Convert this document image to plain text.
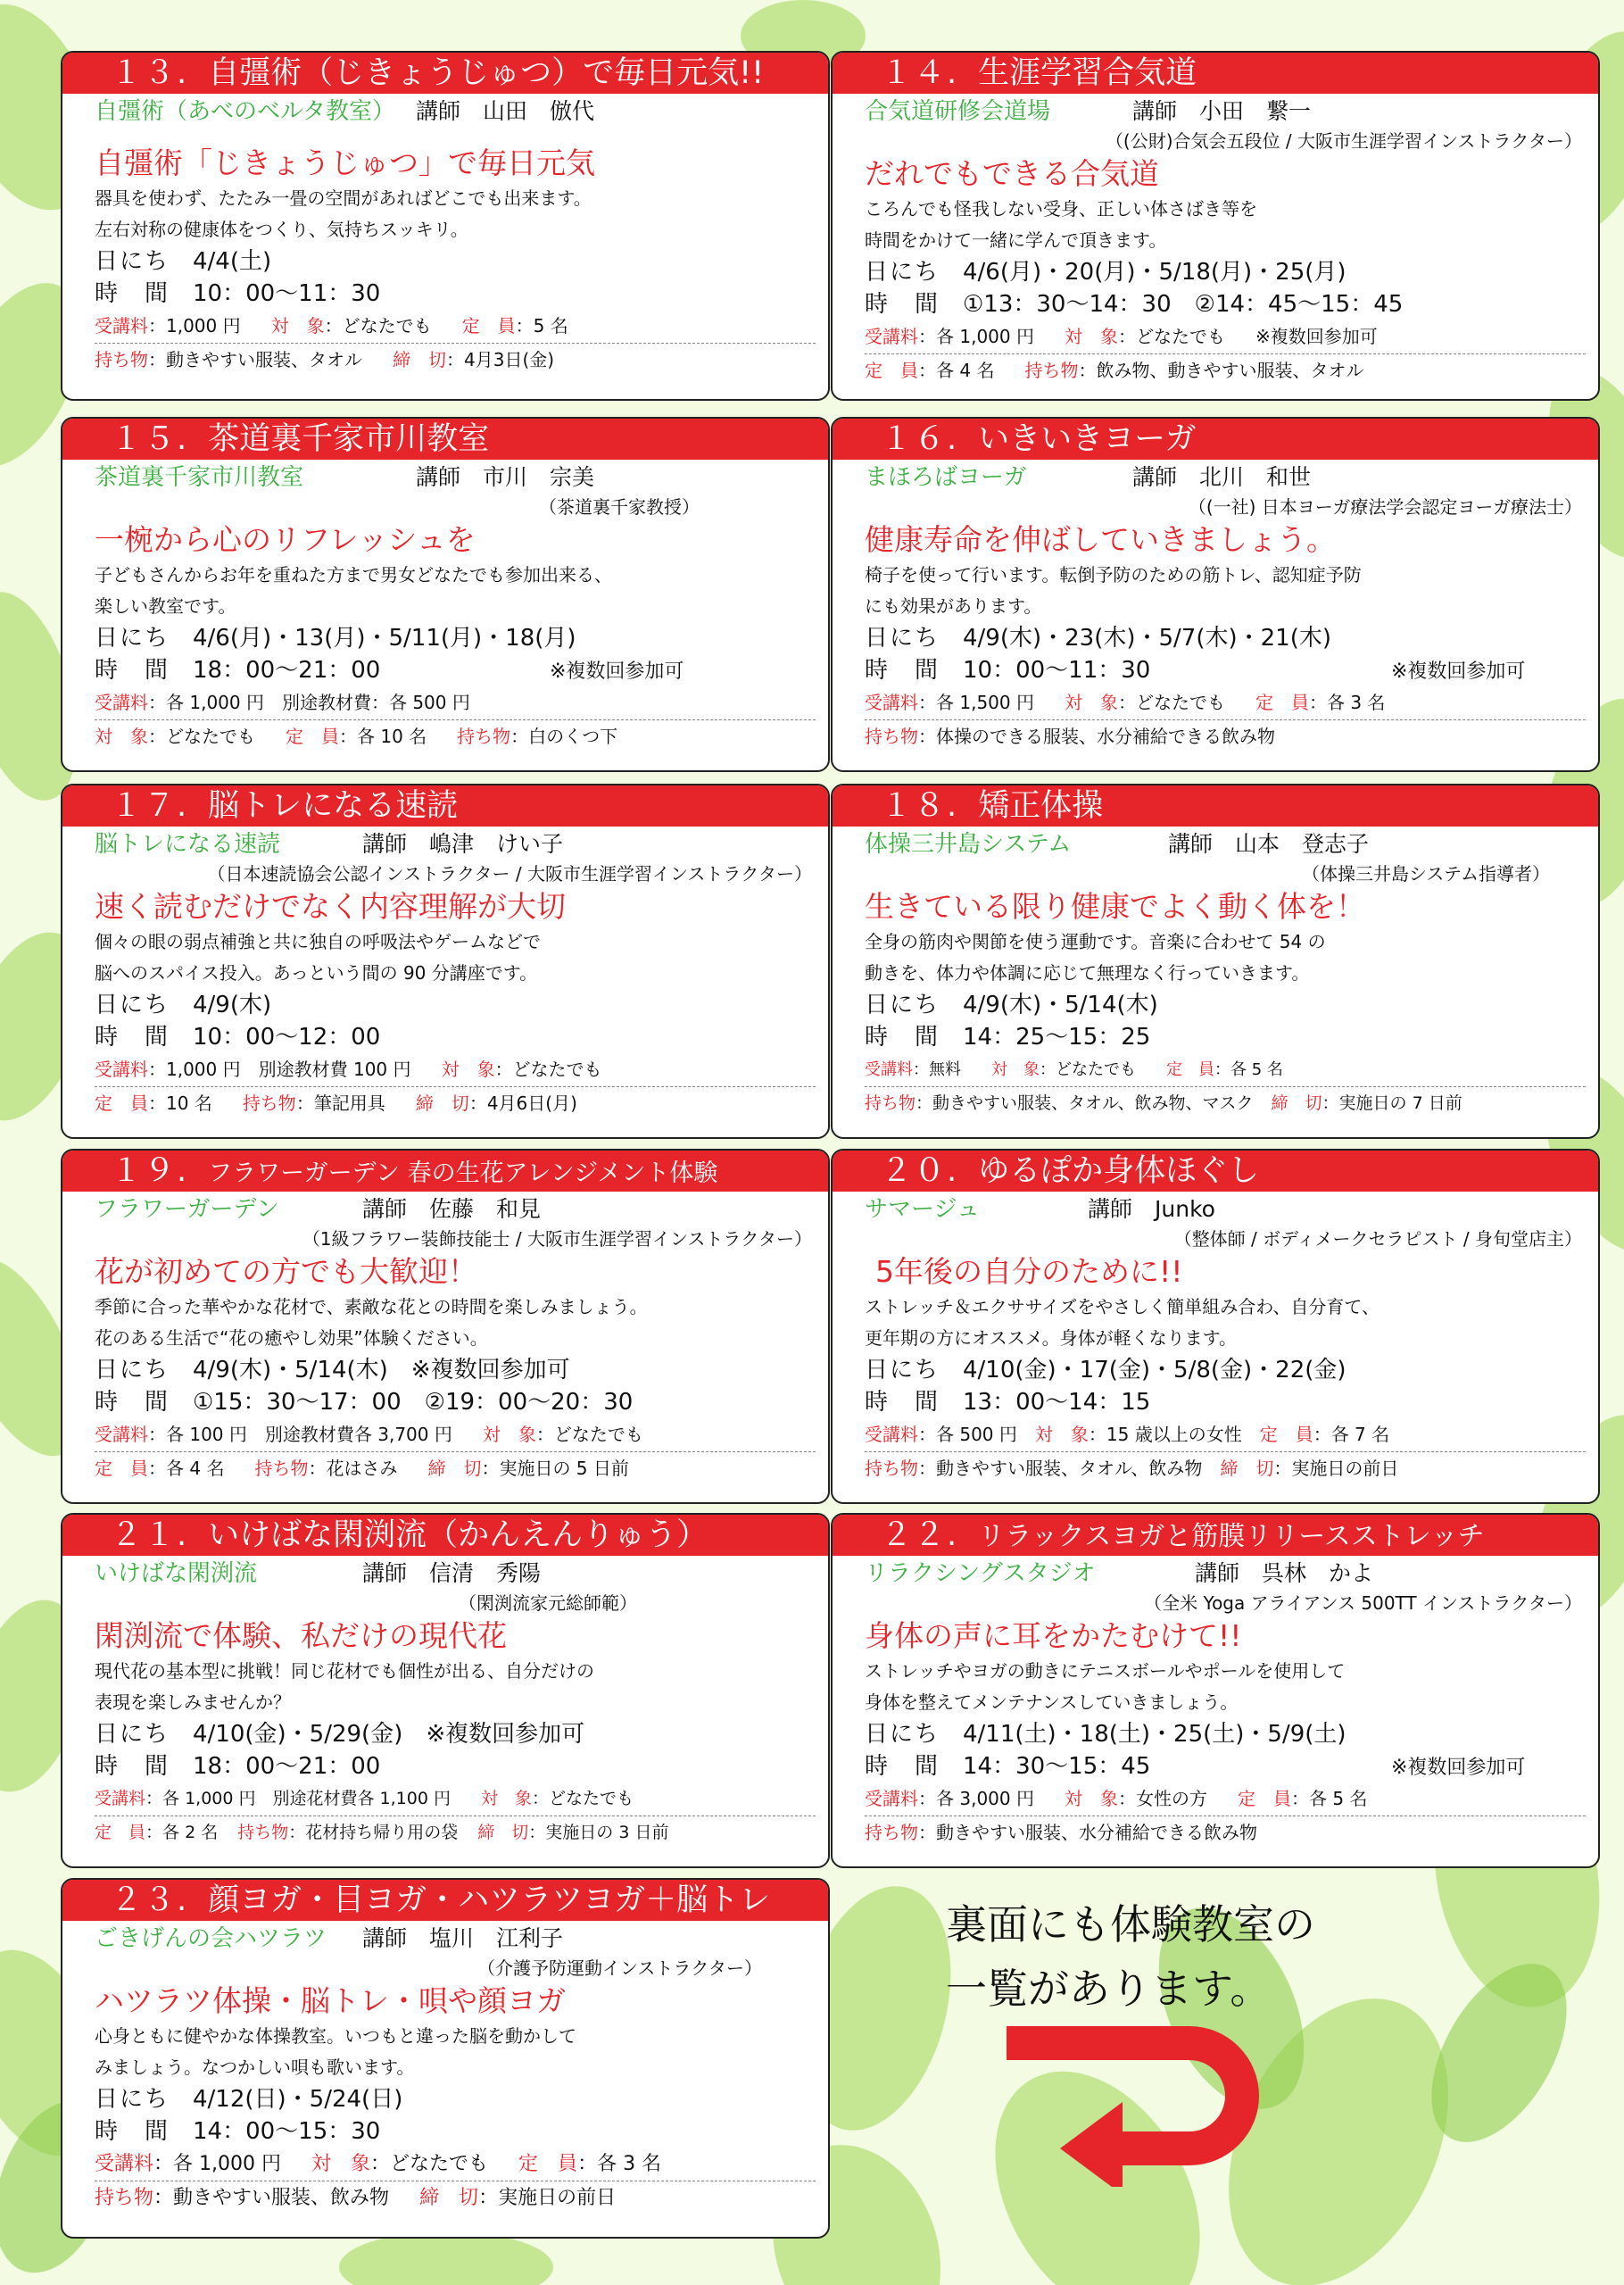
１３. 自彊術（じきょうじゅつ）で毎日元気!!
自彊術（あべのベルタ教室） 講師　山田　倣代
自彊術「じきょうじゅつ」で毎日元気
器具を使わず、たたみ一畳の空間があればどこでも出来ます。
左右対称の健康体をつくり、気持ちスッキリ。
日にち 4/4(土)
時　間 10：00～11：30
受講料：1,000 円 対　象：どなたでも 定　員：5 名
持ち物：動きやすい服装、タオル 締　切：4月3日(金)
１４. 生涯学習合気道
合気道研修会道場	講師　小田　繋一
（(公財)合気会五段位 / 大阪市生涯学習インストラクター）
だれでもできる合気道
ころんでも怪我しない受身、正しい体さばき等を
時間をかけて一緒に学んで頂きます。
日にち 4/6(月)・20(月)・5/18(月)・25(月)
時　間 ①13：30～14：30　②14：45～15：45
受講料：各 1,000 円 対　象：どなたでも ※複数回参加可
定　員：各 4 名 持ち物：飲み物、動きやすい服装、タオル
１５. 茶道裏千家市川教室
茶道裏千家市川教室	講師　市川　宗美
（茶道裏千家教授）
一椀から心のリフレッシュを
子どもさんからお年を重ねた方まで男女どなたでも参加出来る、
楽しい教室です。
日にち 4/6(月)・13(月)・5/11(月)・18(月)
時　間 18：00～21：00	※複数回参加可
受講料：各 1,000 円　別途教材費：各 500 円
対　象：どなたでも 定　員：各 10 名 持ち物：白のくつ下
１６. いきいきヨーガ
まほろばヨーガ	講師　北川　和世
（(一社) 日本ヨーガ療法学会認定ヨーガ療法士）
健康寿命を伸ばしていきましょう。
椅子を使って行います。転倒予防のための筋トレ、認知症予防
にも効果があります。
日にち 4/9(木)・23(木)・5/7(木)・21(木)
時　間 10：00～11：30	※複数回参加可
受講料：各 1,500 円 対　象：どなたでも 定　員：各 3 名
持ち物：体操のできる服装、水分補給できる飲み物
１７. 脳トレになる速読
脳トレになる速読	講師　嶋津　けい子
（日本速読協会公認インストラクター / 大阪市生涯学習インストラクター）
速く読むだけでなく内容理解が大切
個々の眼の弱点補強と共に独自の呼吸法やゲームなどで
脳へのスパイス投入。あっという間の 90 分講座です。
日にち 4/9(木)
時　間 10：00～12：00
受講料：1,000 円　別途教材費 100 円 対　象：どなたでも
定　員：10 名 持ち物：筆記用具 締　切：4月6日(月)
１８. 矯正体操
体操三井島システム	講師　山本　登志子
（体操三井島システム指導者）
生きている限り健康でよく動く体を！
全身の筋肉や関節を使う運動です。音楽に合わせて 54 の
動きを、体力や体調に応じて無理なく行っていきます。
日にち 4/9(木)・5/14(木)
時　間 14：25～15：25
受講料：無料 対　象：どなたでも 定　員：各 5 名
持ち物：動きやすい服装、タオル、飲み物、マスク 締　切：実施日の 7 日前
１９. フラワーガーデン 春の生花アレンジメント体験
フラワーガーデン	講師　佐藤　和見
（1級フラワー装飾技能士 / 大阪市生涯学習インストラクター）
花が初めての方でも大歓迎！
季節に合った華やかな花材で、素敵な花との時間を楽しみましょう。
花のある生活で“花の癒やし効果”体験ください。
日にち 4/9(木)・5/14(木)　※複数回参加可
時　間 ①15：30～17：00　②19：00～20：30
受講料：各 100 円　別途教材費各 3,700 円 対　象：どなたでも
定　員：各 4 名 持ち物：花はさみ 締　切：実施日の 5 日前
２０. ゆるぽか身体ほぐし
サマージュ	講師　Junko
（整体師 / ボディメークセラピスト / 身旬堂店主）
5年後の自分のために!!
ストレッチ＆エクササイズをやさしく簡単組み合わ、自分育て、
更年期の方にオススメ。身体が軽くなります。
日にち 4/10(金)・17(金)・5/8(金)・22(金)
時　間 13：00～14：15
受講料：各 500 円 対　象：15 歳以上の女性 定　員：各 7 名
持ち物：動きやすい服装、タオル、飲み物 締　切：実施日の前日
２１. いけばな閑渕流（かんえんりゅう）
いけばな閑渕流	講師　信清　秀陽
（閑渕流家元総師範）
閑渕流で体験、私だけの現代花
現代花の基本型に挑戦！同じ花材でも個性が出る、自分だけの
表現を楽しみませんか？
日にち 4/10(金)・5/29(金)　※複数回参加可
時　間 18：00～21：00
受講料：各 1,000 円　別途花材費各 1,100 円 対　象：どなたでも
定　員：各 2 名 持ち物：花材持ち帰り用の袋 締　切：実施日の 3 日前
２２. リラックスヨガと筋膜リリースストレッチ
リラクシングスタジオ	講師　呉林　かよ
（全米 Yoga アライアンス 500TT インストラクター）
身体の声に耳をかたむけて!!
ストレッチやヨガの動きにテニスボールやポールを使用して
身体を整えてメンテナンスしていきましょう。
日にち 4/11(土)・18(土)・25(土)・5/9(土)
時　間 14：30～15：45	※複数回参加可
受講料：各 3,000 円 対　象：女性の方 定　員：各 5 名
持ち物：動きやすい服装、水分補給できる飲み物
２３. 顔ヨガ・目ヨガ・ハツラツヨガ＋脳トレ
ごきげんの会ハツラツ 講師　塩川　江利子
（介護予防運動インストラクター）
ハツラツ体操・脳トレ・唄や顔ヨガ
心身ともに健やかな体操教室。いつもと違った脳を動かして
みましょう。なつかしい唄も歌います。
日にち 4/12(日)・5/24(日)
時　間 14：00～15：30
受講料：各 1,000 円 対　象：どなたでも 定　員：各 3 名
持ち物：動きやすい服装、飲み物 締　切：実施日の前日
裏面にも体験教室の
一覧があります。
